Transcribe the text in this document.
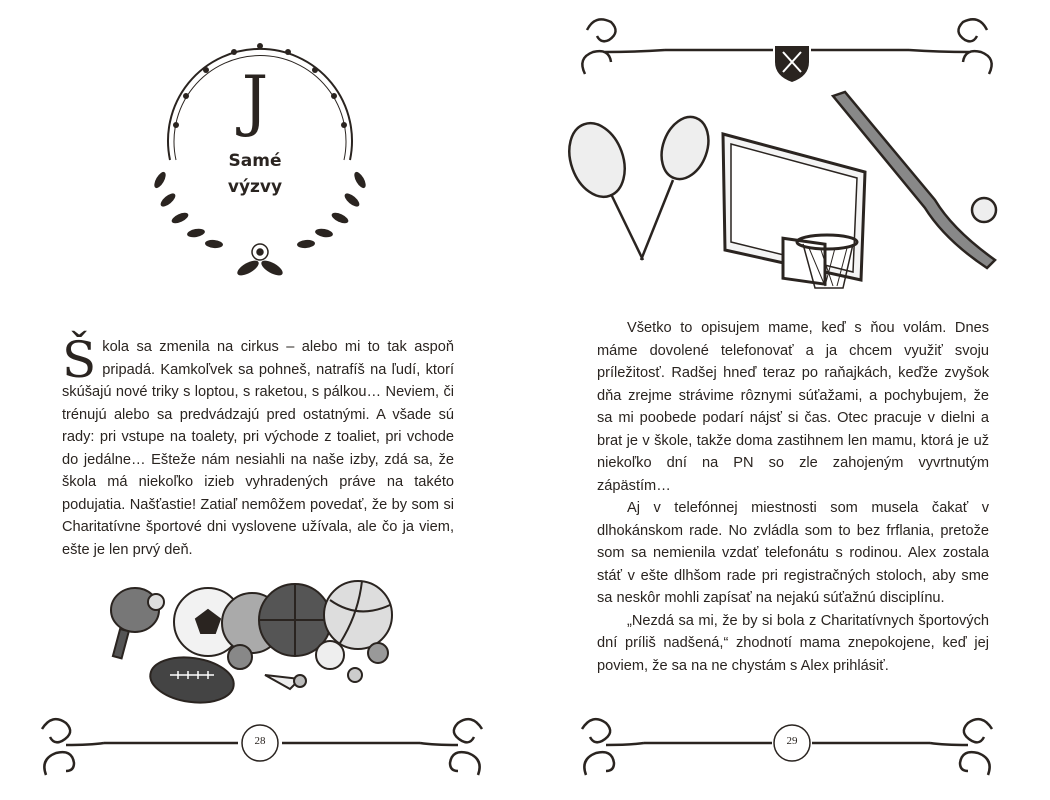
J
Samé
výzvy
Š kola sa zmenila na cirkus – alebo mi to tak aspoň pripadá. Kamkoľvek sa pohneš, natrafíš na ľudí, ktorí skúšajú nové triky s loptou, s raketou, s pálkou… Neviem, či trénujú alebo sa predvádzajú pred ostatnými. A všade sú rady: pri vstupe na toalety, pri východe z toaliet, pri vchode do jedálne… Ešteže nám nesiahli na naše izby, zdá sa, že škola má niekoľko izieb vyhradených práve na takéto podujatia. Našťastie! Zatiaľ nemôžem povedať, že by som si Charitatívne športové dni vyslovene užívala, ale čo ja viem, ešte je len prvý deň.
28

Všetko to opisujem mame, keď s ňou volám. Dnes máme dovolené telefonovať a ja chcem využiť svoju príležitosť. Radšej hneď teraz po raňajkách, keďže zvyšok dňa zrejme strávime rôznymi súťažami, a pochybujem, že sa mi poobede podarí nájsť si čas. Otec pracuje v dielni a brat je v škole, takže doma zastihnem len mamu, ktorá je už niekoľko dní na PN so zle zahojeným vyvrtnutým zápästím…

Aj v telefónnej miestnosti som musela čakať v dlhokánskom rade. No zvládla som to bez frflania, pretože som sa nemienila vzdať telefonátu s rodinou. Alex zostala stáť v ešte dlhšom rade pri registračných stoloch, aby sme sa neskôr mohli zapísať na nejakú súťažnú disciplínu.

„Nezdá sa mi, že by si bola z Charitatívnych športových dní príliš nadšená,“ zhodnotí mama znepokojene, keď jej poviem, že sa na ne chystám s Alex prihlásiť.

29
